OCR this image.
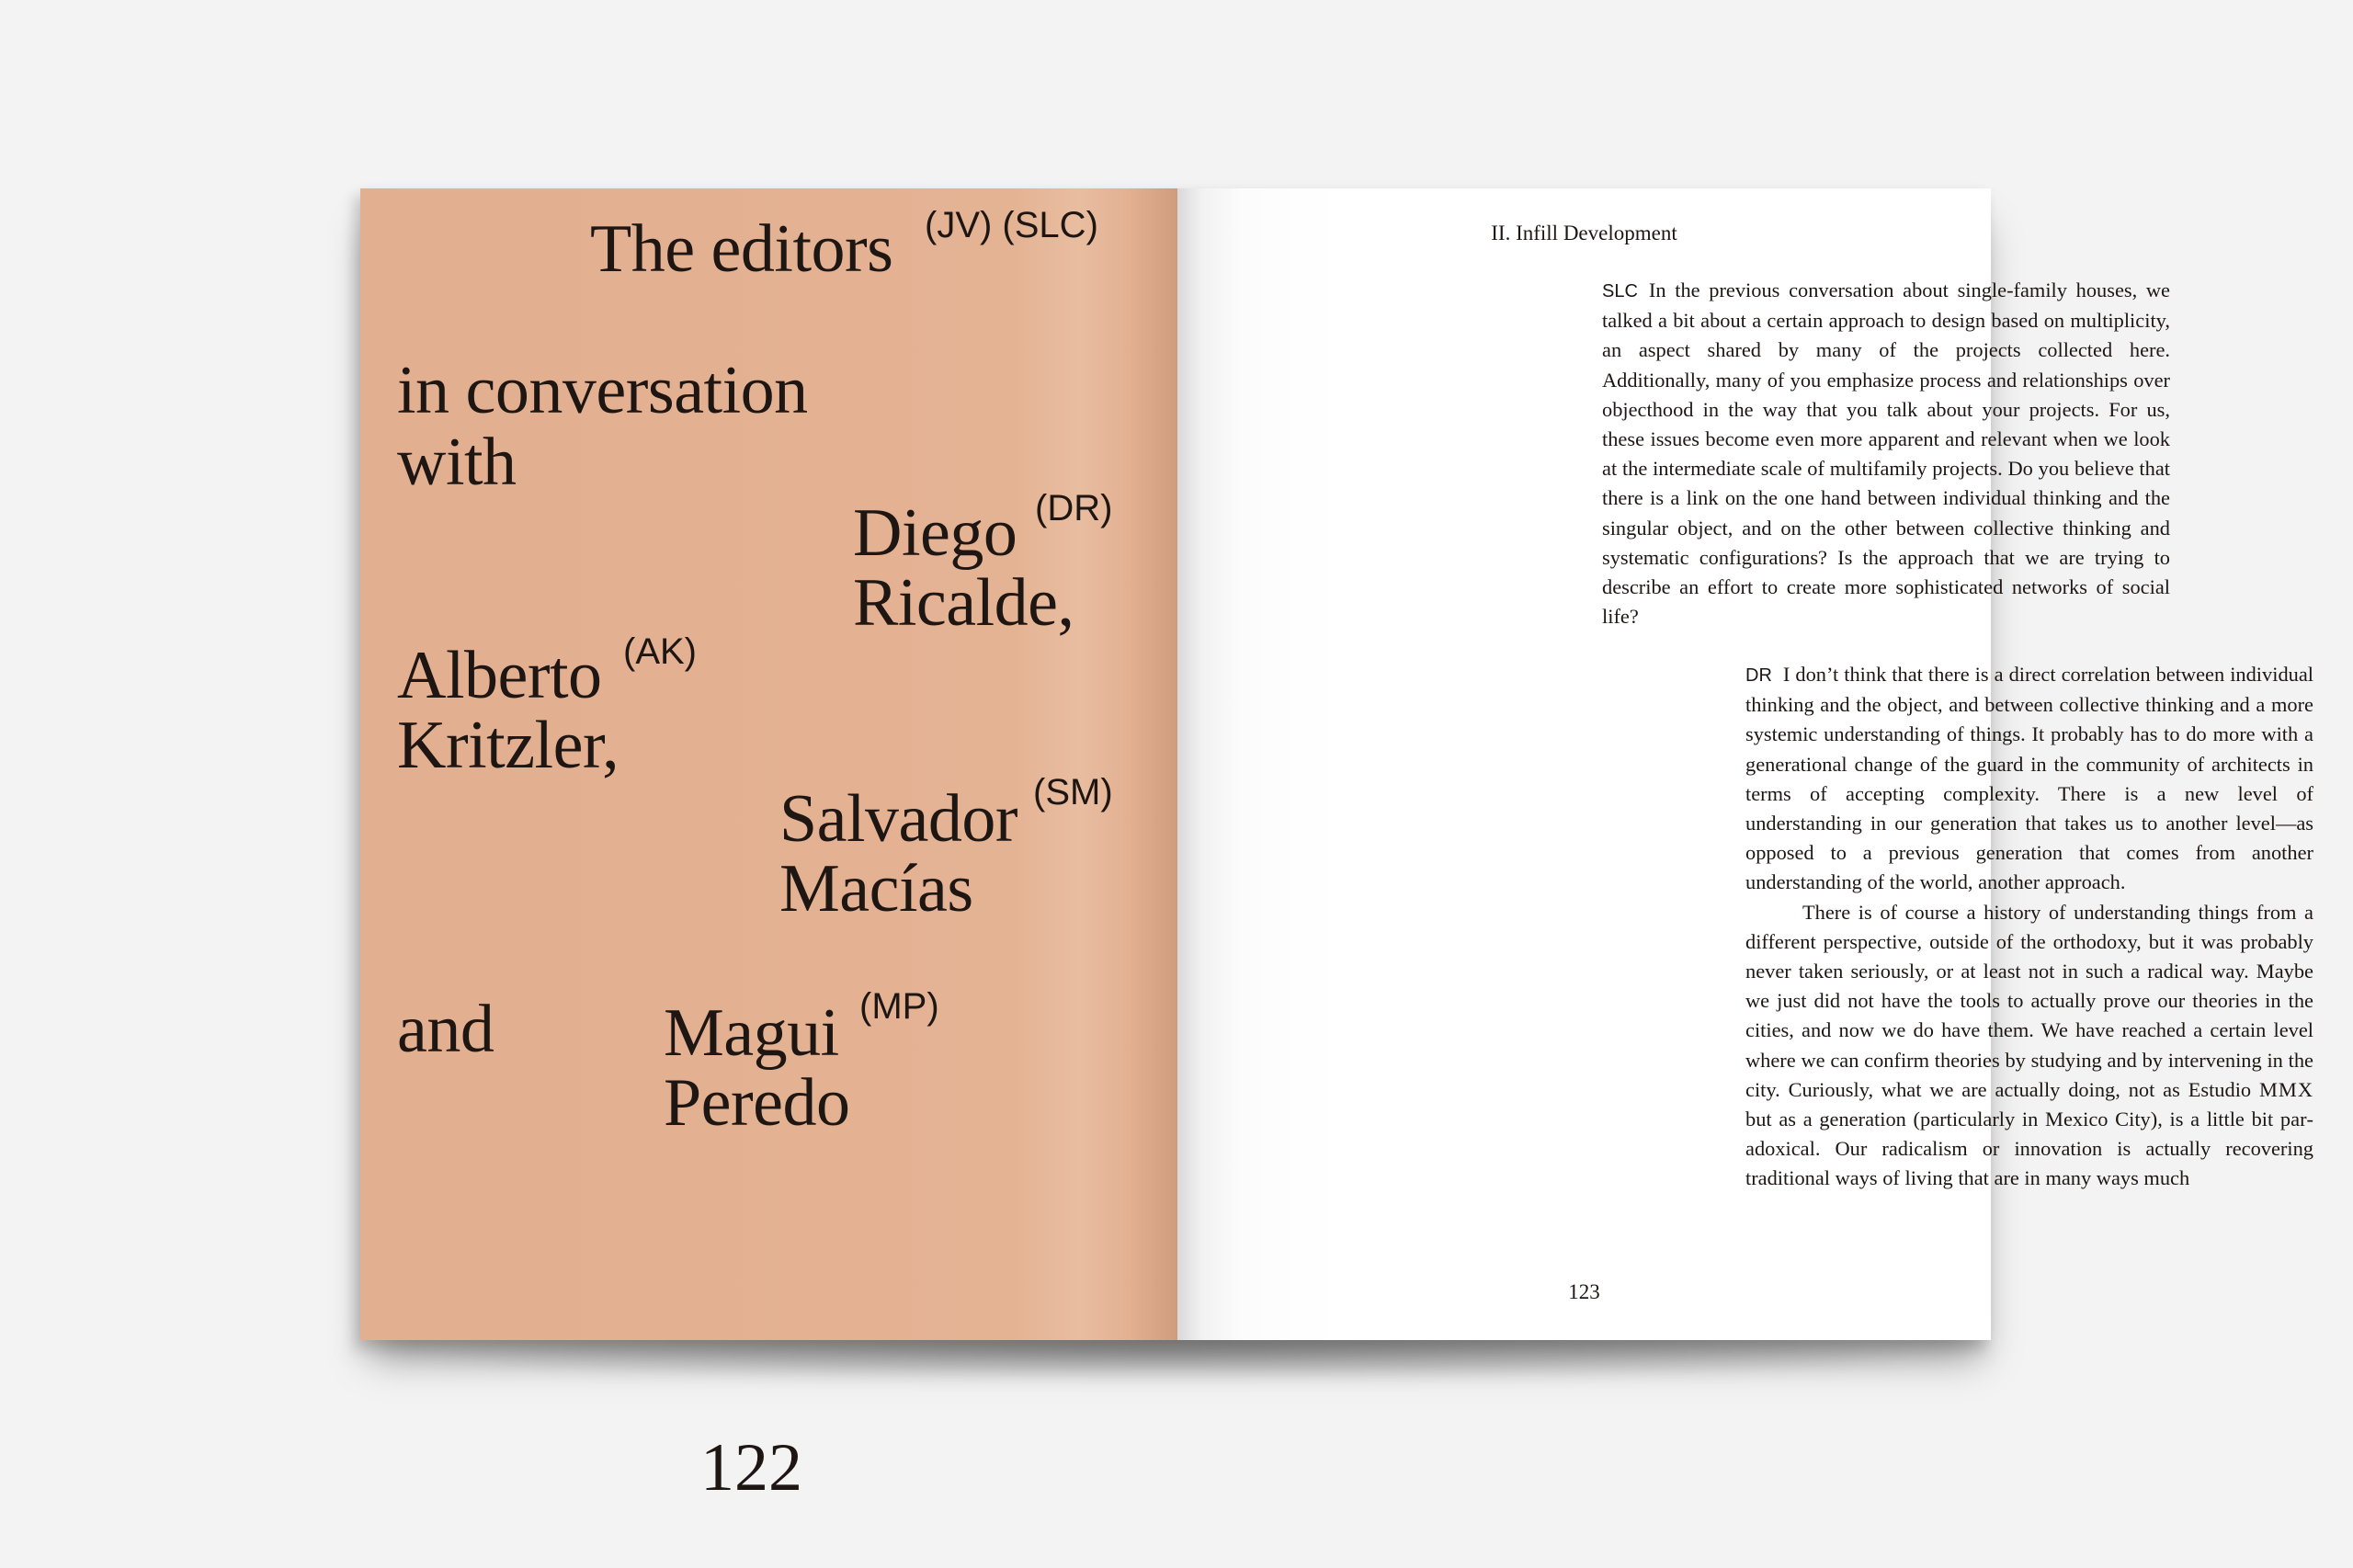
The editors (JV) (SLC)
in conversation
with
Diego (DR)
Ricalde,
Alberto (AK)
Kritzler,
Salvador (SM)
Macías
and Magui (MP)
Peredo
122
II. Infill Development

SLC In the previous conversation about single-family houses, we talked a bit about a certain approach to design based on multiplicity, an aspect shared by many of the projects collected here. Additionally, many of you emphasize process and relationships over objecthood in the way that you talk about your projects. For us, these issues become even more apparent and relevant when we look at the intermediate scale of multifamily projects. Do you believe that there is a link on the one hand between individual thinking and the singular object, and on the other between collective thinking and systematic configurations? Is the approach that we are trying to describe an effort to create more sophisticated networks of social life?

DR I don’t think that there is a direct correlation between individual thinking and the object, and between collective thinking and a more systemic understanding of things. It probably has to do more with a generational change of the guard in the community of architects in terms of accepting complexity. There is a new level of understanding in our generation that takes us to another level—as opposed to a previous generation that comes from another understanding of the world, another approach.

There is of course a history of understanding things from a different perspective, outside of the orthodoxy, but it was probably never taken seriously, or at least not in such a radical way. Maybe we just did not have the tools to actually prove our theories in the cities, and now we do have them. We have reached a certain level where we can confirm theories by studying and by intervening in the city. Curiously, what we are actually doing, not as Estudio MMX but as a generation (particularly in Mexico City), is a little bit paradoxical. Our radicalism or innovation is actually recovering traditional ways of living that are in many ways much

123
